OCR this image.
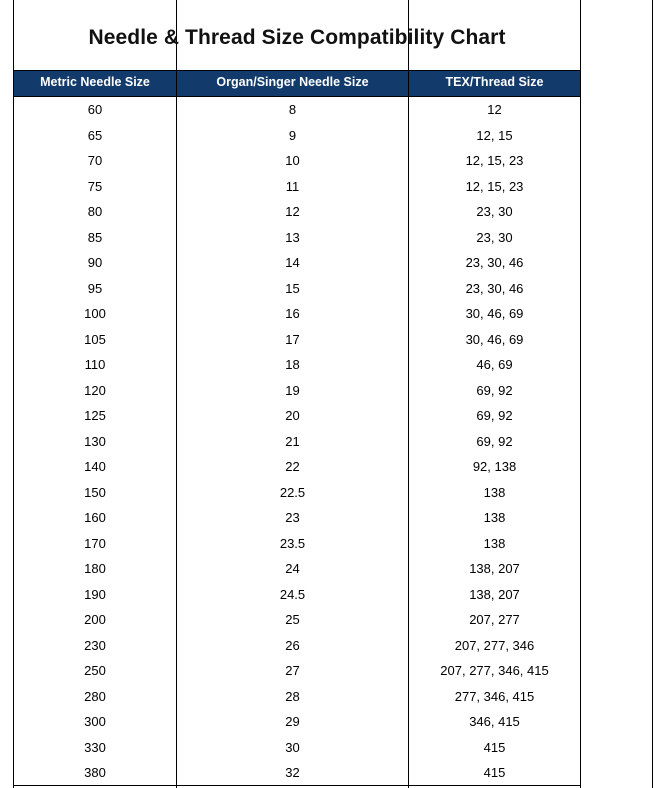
Needle & Thread Size Compatibility Chart
Metric Needle Size	Organ/Singer Needle Size	TEX/Thread Size
60	8	12
65	9	12, 15
70	10	12, 15, 23
75	11	12, 15, 23
80	12	23, 30
85	13	23, 30
90	14	23, 30, 46
95	15	23, 30, 46
100	16	30, 46, 69
105	17	30, 46, 69
110	18	46, 69
120	19	69, 92
125	20	69, 92
130	21	69, 92
140	22	92, 138
150	22.5	138
160	23	138
170	23.5	138
180	24	138, 207
190	24.5	138, 207
200	25	207, 277
230	26	207, 277, 346
250	27	207, 277, 346, 415
280	28	277, 346, 415
300	29	346, 415
330	30	415
380	32	415
